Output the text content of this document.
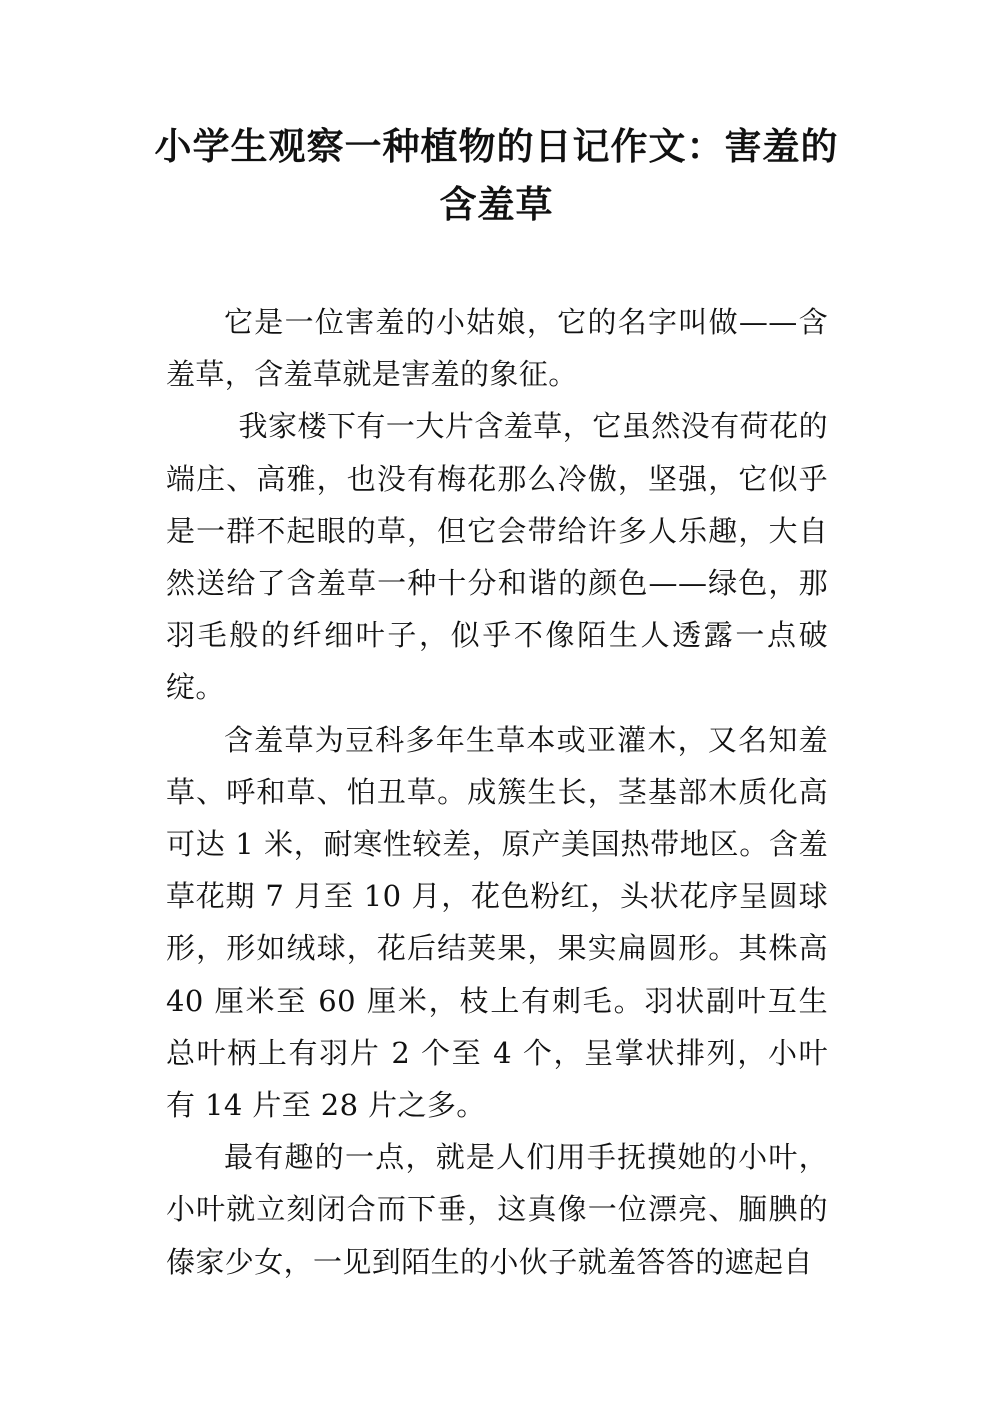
小学生观察一种植物的日记作文：害羞的含羞草

它是一位害羞的小姑娘，它的名字叫做——含羞草，含羞草就是害羞的象征。

我家楼下有一大片含羞草，它虽然没有荷花的端庄、高雅，也没有梅花那么冷傲，坚强，它似乎是一群不起眼的草，但它会带给许多人乐趣，大自然送给了含羞草一种十分和谐的颜色——绿色，那羽毛般的纤细叶子，似乎不像陌生人透露一点破绽。

含羞草为豆科多年生草本或亚灌木，又名知羞草、呼和草、怕丑草。成簇生长，茎基部木质化高可达 1 米，耐寒性较差，原产美国热带地区。含羞草花期 7 月至 10 月，花色粉红，头状花序呈圆球形，形如绒球，花后结荚果，果实扁圆形。其株高 40 厘米至 60 厘米，枝上有刺毛。羽状副叶互生总叶柄上有羽片 2 个至 4 个，呈掌状排列，小叶有 14 片至 28 片之多。

最有趣的一点，就是人们用手抚摸她的小叶，小叶就立刻闭合而下垂，这真像一位漂亮、腼腆的傣家少女，一见到陌生的小伙子就羞答答的遮起自
